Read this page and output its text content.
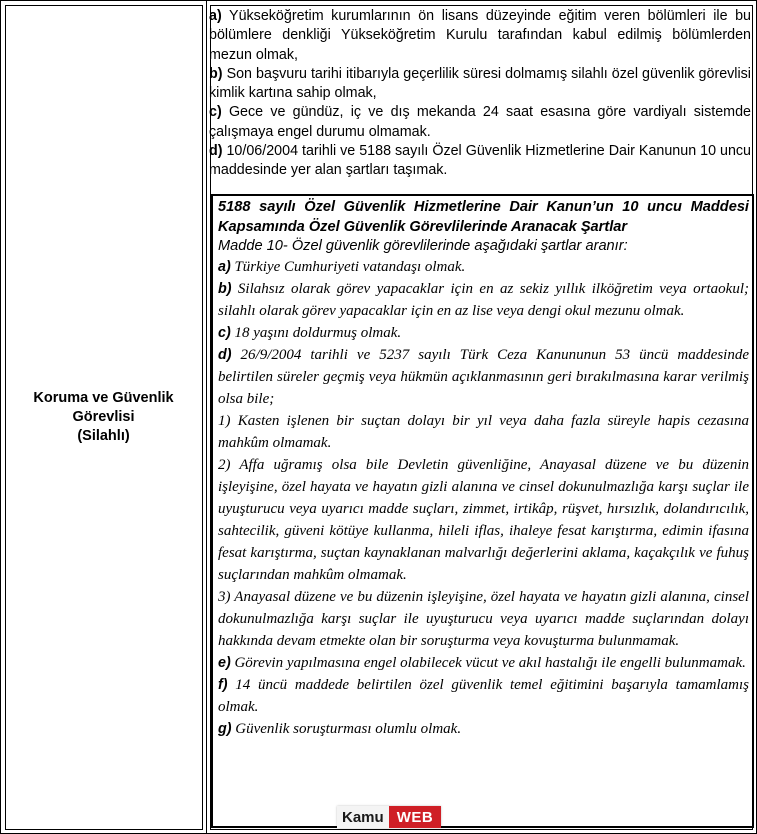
Koruma ve Güvenlik
Görevlisi
(Silahlı)

a) Yükseköğretim kurumlarının ön lisans düzeyinde eğitim veren bölümleri ile bu bölümlere denkliği Yükseköğretim Kurulu tarafından kabul edilmiş bölümlerden mezun olmak,

b) Son başvuru tarihi itibarıyla geçerlilik süresi dolmamış silahlı özel güvenlik görevlisi kimlik kartına sahip olmak,

c) Gece ve gündüz, iç ve dış mekanda 24 saat esasına göre vardiyalı sistemde çalışmaya engel durumu olmamak.

d) 10/06/2004 tarihli ve 5188 sayılı Özel Güvenlik Hizmetlerine Dair Kanunun 10 uncu maddesinde yer alan şartları taşımak.

5188 sayılı Özel Güvenlik Hizmetlerine Dair Kanun’un 10 uncu Maddesi Kapsamında Özel Güvenlik Görevlilerinde Aranacak Şartlar

Madde 10- Özel güvenlik görevlilerinde aşağıdaki şartlar aranır:

a) Türkiye Cumhuriyeti vatandaşı olmak.

b) Silahsız olarak görev yapacaklar için en az sekiz yıllık ilköğretim veya ortaokul; silahlı olarak görev yapacaklar için en az lise veya dengi okul mezunu olmak.

c) 18 yaşını doldurmuş olmak.

d) 26/9/2004 tarihli ve 5237 sayılı Türk Ceza Kanununun 53 üncü maddesinde belirtilen süreler geçmiş veya hükmün açıklanmasının geri bırakılmasına karar verilmiş olsa bile;

1) Kasten işlenen bir suçtan dolayı bir yıl veya daha fazla süreyle hapis cezasına mahkûm olmamak.

2) Affa uğramış olsa bile Devletin güvenliğine, Anayasal düzene ve bu düzenin işleyişine, özel hayata ve hayatın gizli alanına ve cinsel dokunulmazlığa karşı suçlar ile uyuşturucu veya uyarıcı madde suçları, zimmet, irtikâp, rüşvet, hırsızlık, dolandırıcılık, sahtecilik, güveni kötüye kullanma, hileli iflas, ihaleye fesat karıştırma, edimin ifasına fesat karıştırma, suçtan kaynaklanan malvarlığı değerlerini aklama, kaçakçılık ve fuhuş suçlarından mahkûm olmamak.

3) Anayasal düzene ve bu düzenin işleyişine, özel hayata ve hayatın gizli alanına, cinsel dokunulmazlığa karşı suçlar ile uyuşturucu veya uyarıcı madde suçlarından dolayı hakkında devam etmekte olan bir soruşturma veya kovuşturma bulunmamak.

e) Görevin yapılmasına engel olabilecek vücut ve akıl hastalığı ile engelli bulunmamak.

f) 14 üncü maddede belirtilen özel güvenlik temel eğitimini başarıyla tamamlamış olmak.

g) Güvenlik soruşturması olumlu olmak.

Kamu WEB
